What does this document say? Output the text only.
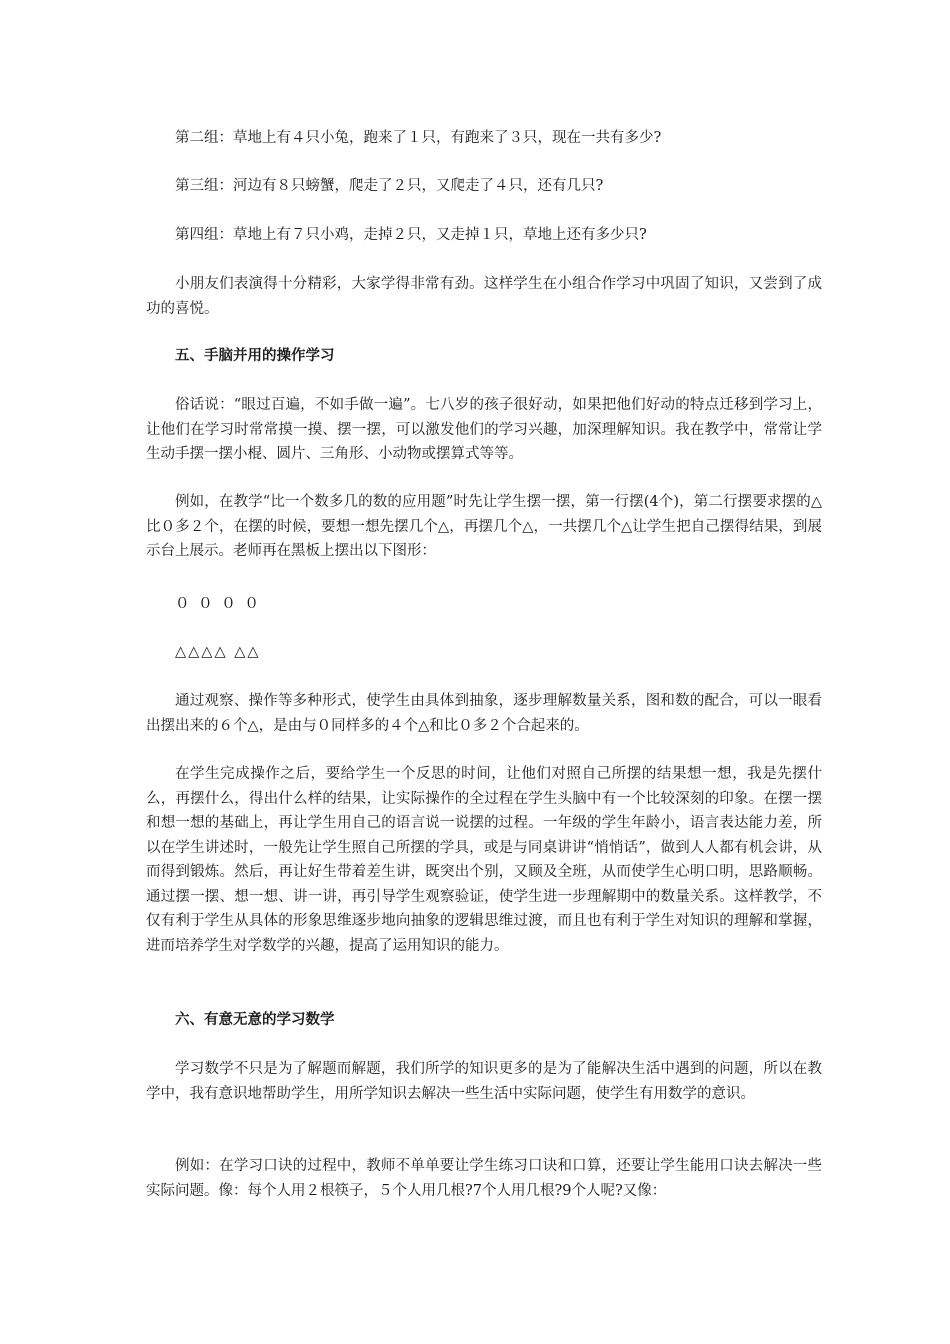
第二组：草地上有４只小兔，跑来了１只，有跑来了３只，现在一共有多少?

第三组：河边有８只螃蟹，爬走了２只，又爬走了４只，还有几只?

第四组：草地上有７只小鸡，走掉２只，又走掉１只，草地上还有多少只?

小朋友们表演得十分精彩，大家学得非常有劲。这样学生在小组合作学习中巩固了知识，又尝到了成功的喜悦。

五、手脑并用的操作学习

俗话说：“眼过百遍，不如手做一遍”。七八岁的孩子很好动，如果把他们好动的特点迁移到学习上，让他们在学习时常常摸一摸、摆一摆，可以激发他们的学习兴趣，加深理解知识。我在教学中，常常让学生动手摆一摆小棍、圆片、三角形、小动物或摆算式等等。

例如，在教学“比一个数多几的数的应用题”时先让学生摆一摆，第一行摆(4个)，第二行摆要求摆的△比０多２个，在摆的时候，要想一想先摆几个△，再摆几个△，一共摆几个△让学生把自己摆得结果，到展示台上展示。老师再在黑板上摆出以下图形：

０ ０ ０ ０

△△△△ △△

通过观察、操作等多种形式，使学生由具体到抽象，逐步理解数量关系，图和数的配合，可以一眼看出摆出来的６个△，是由与０同样多的４个△和比０多２个合起来的。

在学生完成操作之后，要给学生一个反思的时间，让他们对照自己所摆的结果想一想，我是先摆什么，再摆什么，得出什么样的结果，让实际操作的全过程在学生头脑中有一个比较深刻的印象。在摆一摆和想一想的基础上，再让学生用自己的语言说一说摆的过程。一年级的学生年龄小，语言表达能力差，所以在学生讲述时，一般先让学生照自己所摆的学具，或是与同桌讲讲“悄悄话”，做到人人都有机会讲，从而得到锻炼。然后，再让好生带着差生讲，既突出个别，又顾及全班，从而使学生心明口明，思路顺畅。通过摆一摆、想一想、讲一讲，再引导学生观察验证，使学生进一步理解期中的数量关系。这样教学，不仅有利于学生从具体的形象思维逐步地向抽象的逻辑思维过渡，而且也有利于学生对知识的理解和掌握，进而培养学生对学数学的兴趣，提高了运用知识的能力。

六、有意无意的学习数学

学习数学不只是为了解题而解题，我们所学的知识更多的是为了能解决生活中遇到的问题，所以在教学中，我有意识地帮助学生，用所学知识去解决一些生活中实际问题，使学生有用数学的意识。

例如：在学习口诀的过程中，教师不单单要让学生练习口诀和口算，还要让学生能用口诀去解决一些实际问题。像：每个人用２根筷子，５个人用几根?7个人用几根?9个人呢?又像：
